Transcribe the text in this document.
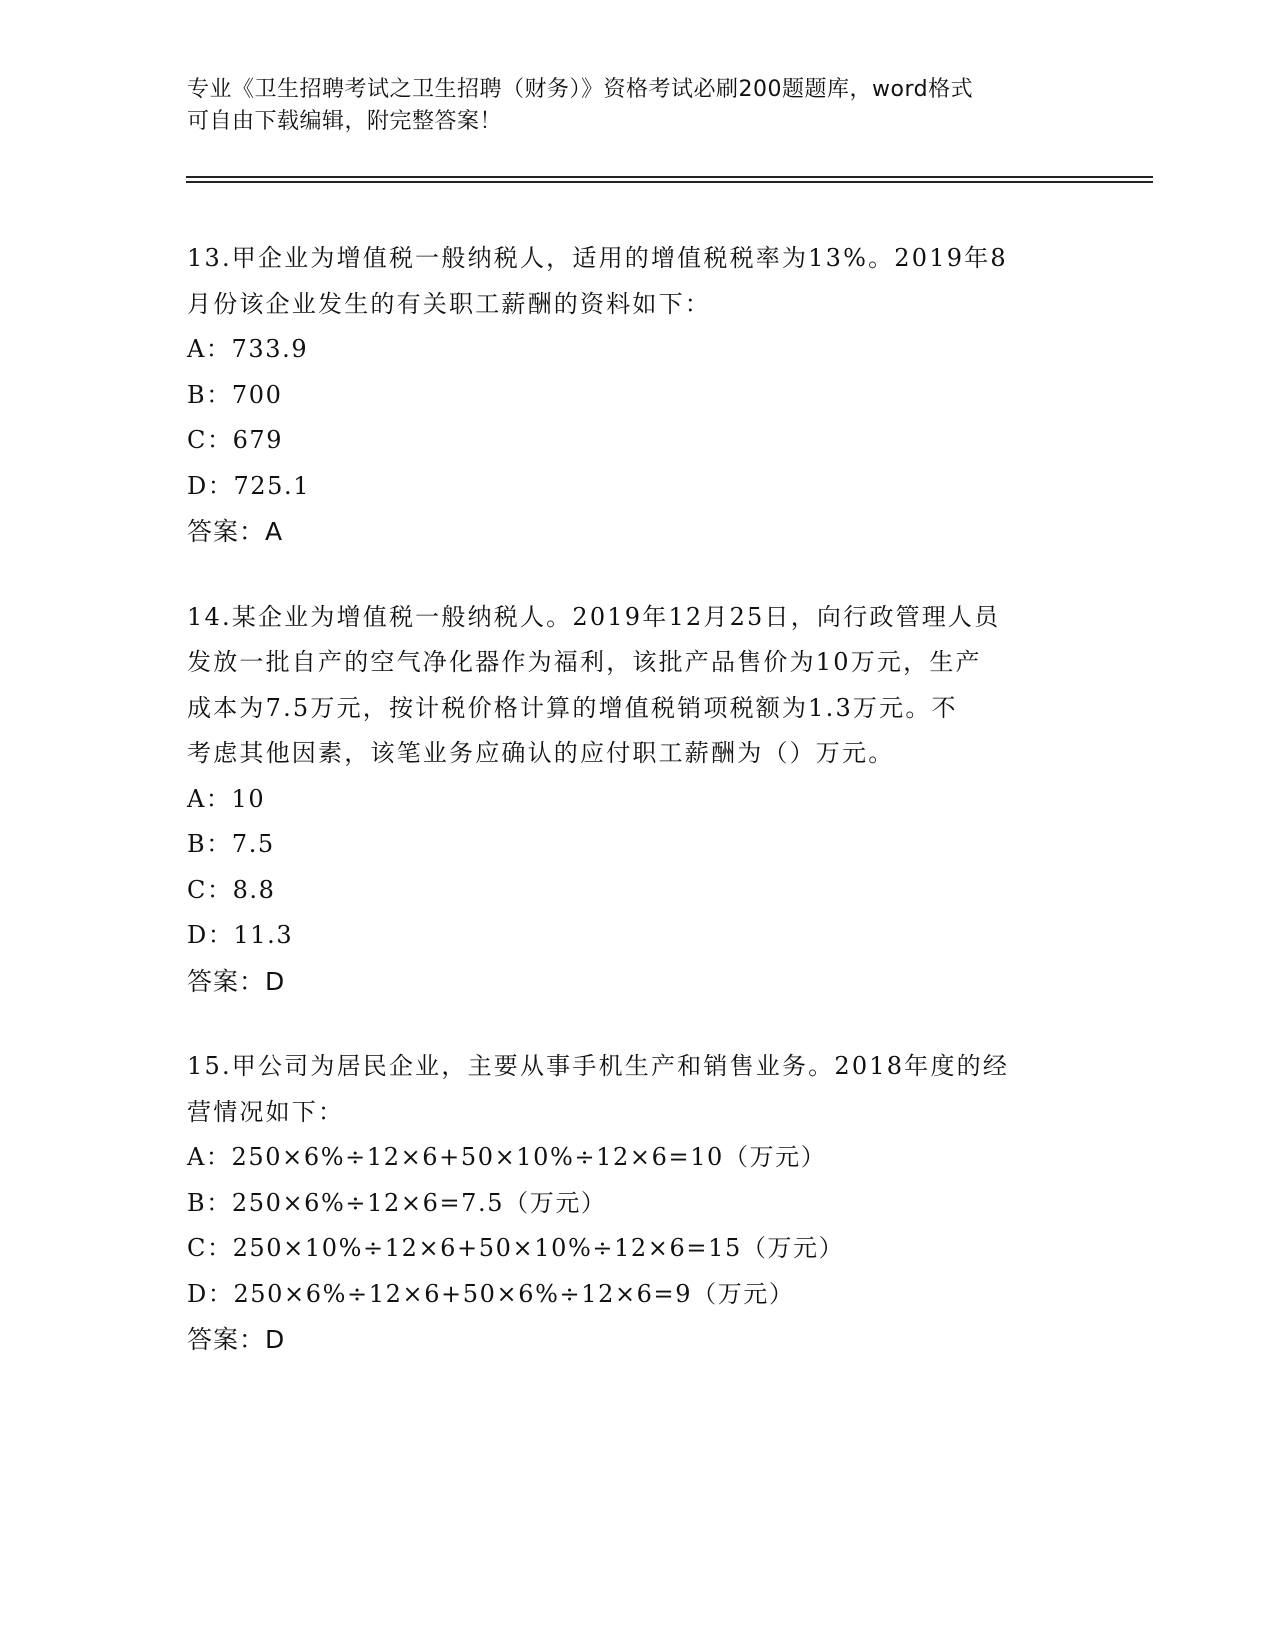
专业《卫生招聘考试之卫生招聘（财务）》资格考试必刷200题题库，word格式
可自由下载编辑，附完整答案！
13.甲企业为增值税一般纳税人，适用的增值税税率为13%。2019年8
月份该企业发生的有关职工薪酬的资料如下：
A：733.9
B：700
C：679
D：725.1
答案：A
14.某企业为增值税一般纳税人。2019年12月25日，向行政管理人员
发放一批自产的空气净化器作为福利，该批产品售价为10万元，生产
成本为7.5万元，按计税价格计算的增值税销项税额为1.3万元。不
考虑其他因素，该笔业务应确认的应付职工薪酬为（）万元。
A：10
B：7.5
C：8.8
D：11.3
答案：D
15.甲公司为居民企业，主要从事手机生产和销售业务。2018年度的经
营情况如下：
A：250×6%÷12×6+50×10%÷12×6=10（万元）
B：250×6%÷12×6=7.5（万元）
C：250×10%÷12×6+50×10%÷12×6=15（万元）
D：250×6%÷12×6+50×6%÷12×6=9（万元）
答案：D
